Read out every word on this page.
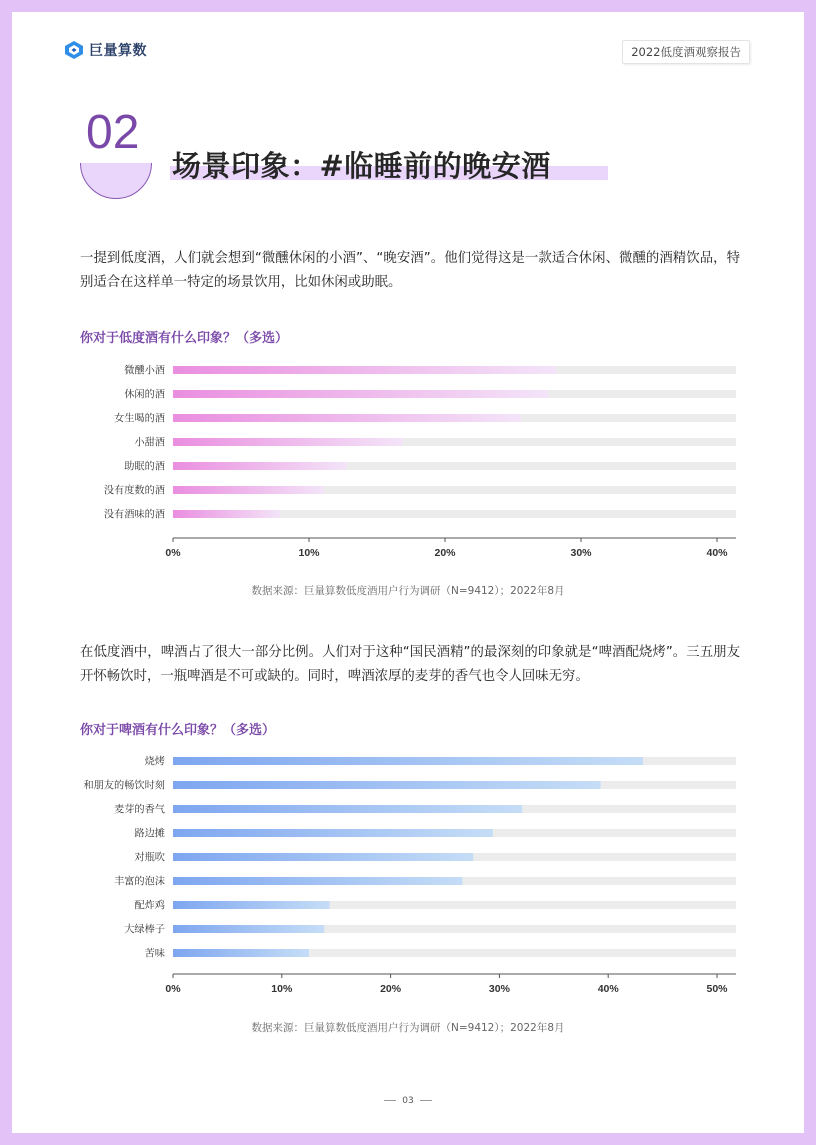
巨量算数	2022低度酒观察报告
02
场景印象：#临睡前的晚安酒
一提到低度酒，人们就会想到“微醺休闲的小酒”、“晚安酒”。他们觉得这是一款适合休闲、微醺的酒精饮品，特别适合在这样单一特定的场景饮用，比如休闲或助眠。
你对于低度酒有什么印象？（多选）
微醺小酒
休闲的酒
女生喝的酒
小甜酒
助眠的酒
没有度数的酒
没有酒味的酒
0%	10%	20%	30%	40%
数据来源：巨量算数低度酒用户行为调研（N=9412）；2022年8月
在低度酒中，啤酒占了很大一部分比例。人们对于这种“国民酒精”的最深刻的印象就是“啤酒配烧烤”。三五朋友开怀畅饮时，一瓶啤酒是不可或缺的。同时，啤酒浓厚的麦芽的香气也令人回味无穷。
你对于啤酒有什么印象？（多选）
烧烤
和朋友的畅饮时刻
麦芽的香气
路边摊
对瓶吹
丰富的泡沫
配炸鸡
大绿棒子
苦味
0%	10%	20%	30%	40%	50%
数据来源：巨量算数低度酒用户行为调研（N=9412）；2022年8月
03
